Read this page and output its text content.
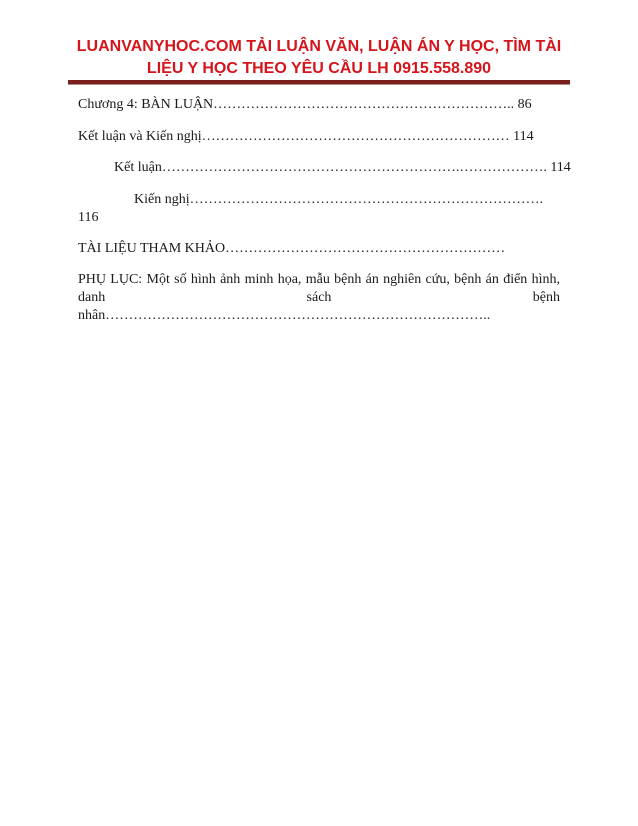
LUANVANYHOC.COM TẢI LUẬN VĂN, LUẬN ÁN Y HỌC, TÌM TÀI
LIỆU Y HỌC THEO YÊU CẦU LH 0915.558.890
Chương 4: BÀN LUẬN……………………………………………………….. 86
Kết luận và Kiến nghị………………………………………………………… 114
Kết luận……………………………………………………….………………. 114
Kiến nghị………………………………………………………………….
116
TÀI LIỆU THAM KHẢO……………………………………………………
PHỤ LỤC: Một số hình ảnh minh họa, mẫu bệnh án nghiên cứu, bệnh án điển hình, danh sách bệnh nhân………………………………………………………………………..
